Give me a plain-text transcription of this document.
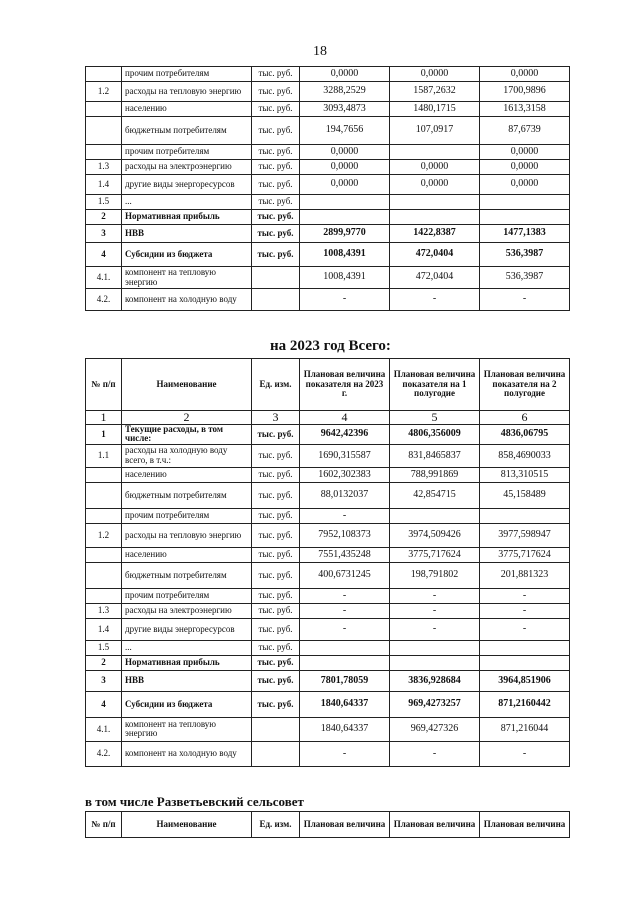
18
	прочим потребителям	тыс. руб.	0,0000	0,0000	0,0000
1.2	расходы на тепловую энергию	тыс. руб.	3288,2529	1587,2632	1700,9896
	населению	тыс. руб.	3093,4873	1480,1715	1613,3158
	бюджетным потребителям	тыс. руб.	194,7656	107,0917	87,6739
	прочим потребителям	тыс. руб.	0,0000		0,0000
1.3	расходы на электроэнергию	тыс. руб.	0,0000	0,0000	0,0000
1.4	другие виды энергоресурсов	тыс. руб.	0,0000	0,0000	0,0000
1.5	...	тыс. руб.			
2	Нормативная прибыль	тыс. руб.			
3	НВВ	тыс. руб.	2899,9770	1422,8387	1477,1383
4	Субсидии из бюджета	тыс. руб.	1008,4391	472,0404	536,3987
4.1.	компонент на тепловую энергию		1008,4391	472,0404	536,3987
4.2.	компонент на холодную воду		-	-	-
на 2023 год Всего:
№ п/п	Наименование	Ед. изм.	Плановая величина показателя на 2023 г.	Плановая величина показателя на 1 полугодие	Плановая величина показателя на 2 полугодие
1	2	3	4	5	6
1	Текущие расходы, в том числе:	тыс. руб.	9642,42396	4806,356009	4836,06795
1.1	расходы на холодную воду всего, в т.ч.:	тыс. руб.	1690,315587	831,8465837	858,4690033
	населению	тыс. руб.	1602,302383	788,991869	813,310515
	бюджетным потребителям	тыс. руб.	88,0132037	42,854715	45,158489
	прочим потребителям	тыс. руб.	-		
1.2	расходы на тепловую энергию	тыс. руб.	7952,108373	3974,509426	3977,598947
	населению	тыс. руб.	7551,435248	3775,717624	3775,717624
	бюджетным потребителям	тыс. руб.	400,6731245	198,791802	201,881323
	прочим потребителям	тыс. руб.	-	-	-
1.3	расходы на электроэнергию	тыс. руб.	-	-	-
1.4	другие виды энергоресурсов	тыс. руб.	-	-	-
1.5	...	тыс. руб.			
2	Нормативная прибыль	тыс. руб.			
3	НВВ	тыс. руб.	7801,78059	3836,928684	3964,851906
4	Субсидии из бюджета	тыс. руб.	1840,64337	969,4273257	871,2160442
4.1.	компонент на тепловую энергию		1840,64337	969,427326	871,216044
4.2.	компонент на холодную воду		-	-	-
в том числе Разветьевский сельсовет
№ п/п	Наименование	Ед. изм.	Плановая величина	Плановая величина	Плановая величина
